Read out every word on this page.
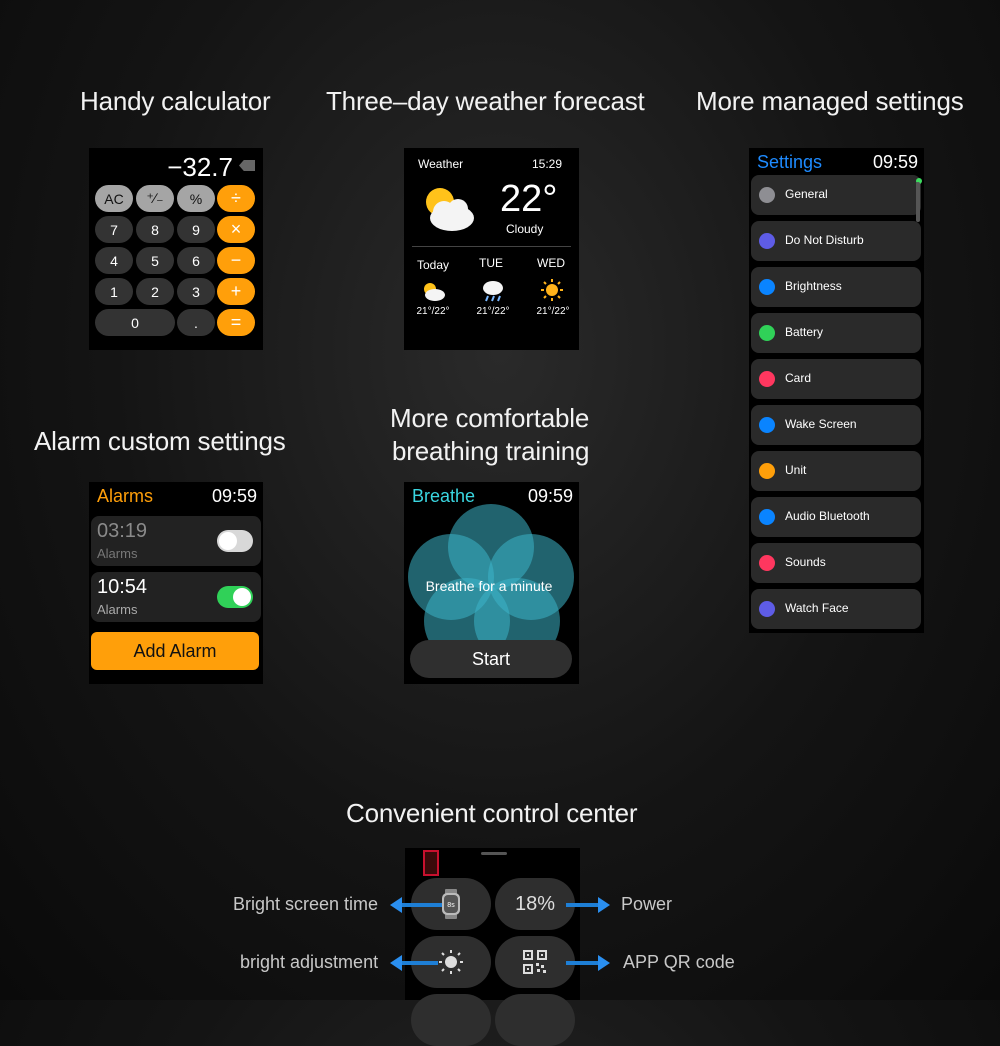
Handy calculator Three–day weather forecast More managed settings
Alarm custom settings
More comfortable
breathing training
Convenient control center
−32.7
AC	⁺∕₋	%	÷
7	8	9	×
4	5	6	−
1	2	3	+
0	.	=
Weather	15:29
22°
Cloudy
Today	TUE	WED
21°/22°	21°/22°	21°/22°
Settings	09:59
General
Do Not Disturb
Brightness
Battery
Card
Wake Screen
Unit
Audio Bluetooth
Sounds
Watch Face
Alarms	09:59
03:19
Alarms
10:54
Alarms
Add Alarm
Breathe	09:59
Breathe for a minute
Start
8s	18%
Bright screen time	Power
bright adjustment	APP QR code
